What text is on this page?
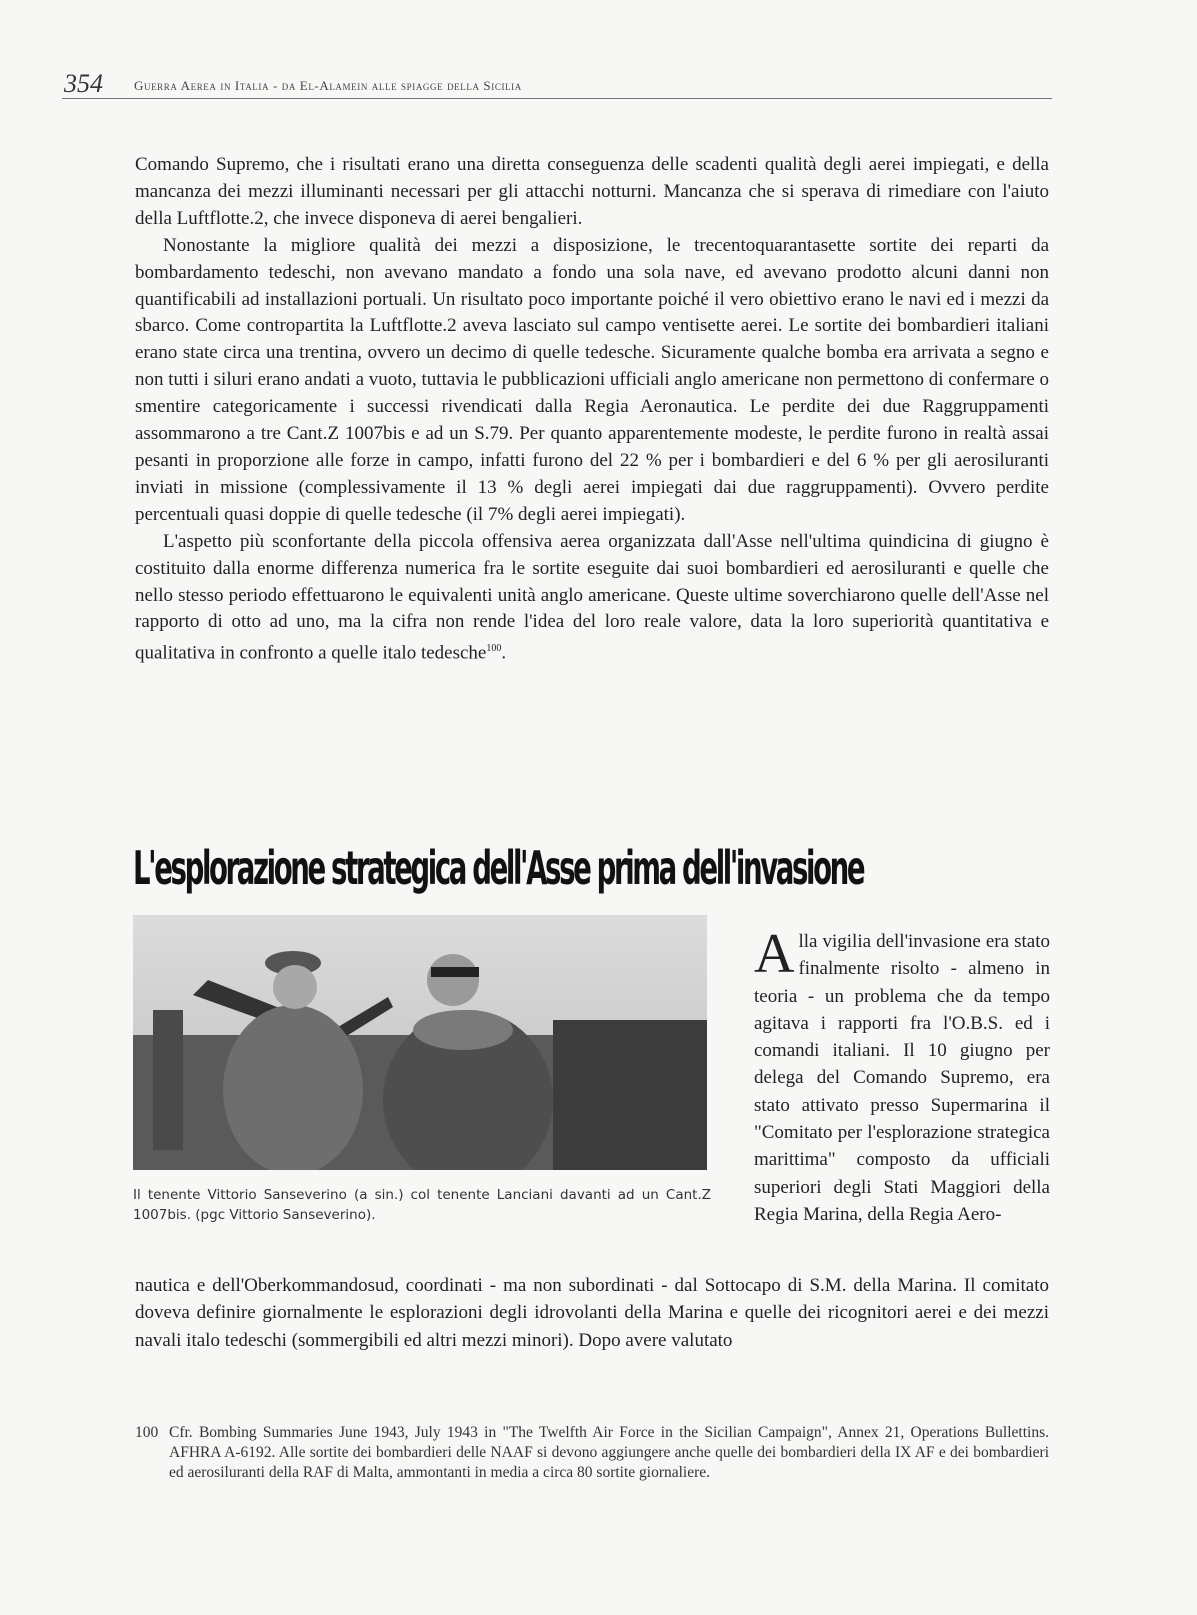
354 Guerra Aerea in Italia - da El-Alamein alle spiagge della Sicilia

Comando Supremo, che i risultati erano una diretta conseguenza delle scadenti qualità degli aerei impiegati, e della mancanza dei mezzi illuminanti necessari per gli attacchi notturni. Mancanza che si sperava di rimediare con l'aiuto della Luftflotte.2, che invece disponeva di aerei bengalieri.

Nonostante la migliore qualità dei mezzi a disposizione, le trecentoquarantasette sortite dei reparti da bombardamento tedeschi, non avevano mandato a fondo una sola nave, ed avevano prodotto alcuni danni non quantificabili ad installazioni portuali. Un risultato poco importante poiché il vero obiettivo erano le navi ed i mezzi da sbarco. Come contropartita la Luftflotte.2 aveva lasciato sul campo ventisette aerei. Le sortite dei bombardieri italiani erano state circa una trentina, ovvero un decimo di quelle tedesche. Sicuramente qualche bomba era arrivata a segno e non tutti i siluri erano andati a vuoto, tuttavia le pubblicazioni ufficiali anglo americane non permettono di confermare o smentire categoricamente i successi rivendicati dalla Regia Aeronautica. Le perdite dei due Raggruppamenti assommarono a tre Cant.Z 1007bis e ad un S.79. Per quanto apparentemente modeste, le perdite furono in realtà assai pesanti in proporzione alle forze in campo, infatti furono del 22 % per i bombardieri e del 6 % per gli aerosiluranti inviati in missione (complessivamente il 13 % degli aerei impiegati dai due raggruppamenti). Ovvero perdite percentuali quasi doppie di quelle tedesche (il 7% degli aerei impiegati).

L'aspetto più sconfortante della piccola offensiva aerea organizzata dall'Asse nell'ultima quindicina di giugno è costituito dalla enorme differenza numerica fra le sortite eseguite dai suoi bombardieri ed aerosiluranti e quelle che nello stesso periodo effettuarono le equivalenti unità anglo americane. Queste ultime soverchiarono quelle dell'Asse nel rapporto di otto ad uno, ma la cifra non rende l'idea del loro reale valore, data la loro superiorità quantitativa e qualitativa in confronto a quelle italo tedesche$^{100}$.

L'esplorazione strategica dell'Asse prima dell'invasione
Il tenente Vittorio Sanseverino (a sin.) col tenente Lanciani davanti ad un Cant.Z 1007bis. (pgc Vittorio Sanseverino).
Alla vigilia dell'invasione era stato finalmente risolto - almeno in teoria - un problema che da tempo agitava i rapporti fra l'O.B.S. ed i comandi italiani. Il 10 giugno per delega del Comando Supremo, era stato attivato presso Supermarina il "Comitato per l'esplorazione strategica marittima" composto da ufficiali superiori degli Stati Maggiori della Regia Marina, della Regia Aero-
nautica e dell'Oberkommandosud, coordinati - ma non subordinati - dal Sottocapo di S.M. della Marina. Il comitato doveva definire giornalmente le esplorazioni degli idrovolanti della Marina e quelle dei ricognitori aerei e dei mezzi navali italo tedeschi (sommergibili ed altri mezzi minori). Dopo avere valutato
100 Cfr. Bombing Summaries June 1943, July 1943 in "The Twelfth Air Force in the Sicilian Campaign", Annex 21, Operations Bullettins. AFHRA A-6192. Alle sortite dei bombardieri delle NAAF si devono aggiungere anche quelle dei bombardieri della IX AF e dei bombardieri ed aerosiluranti della RAF di Malta, ammontanti in media a circa 80 sortite giornaliere.
